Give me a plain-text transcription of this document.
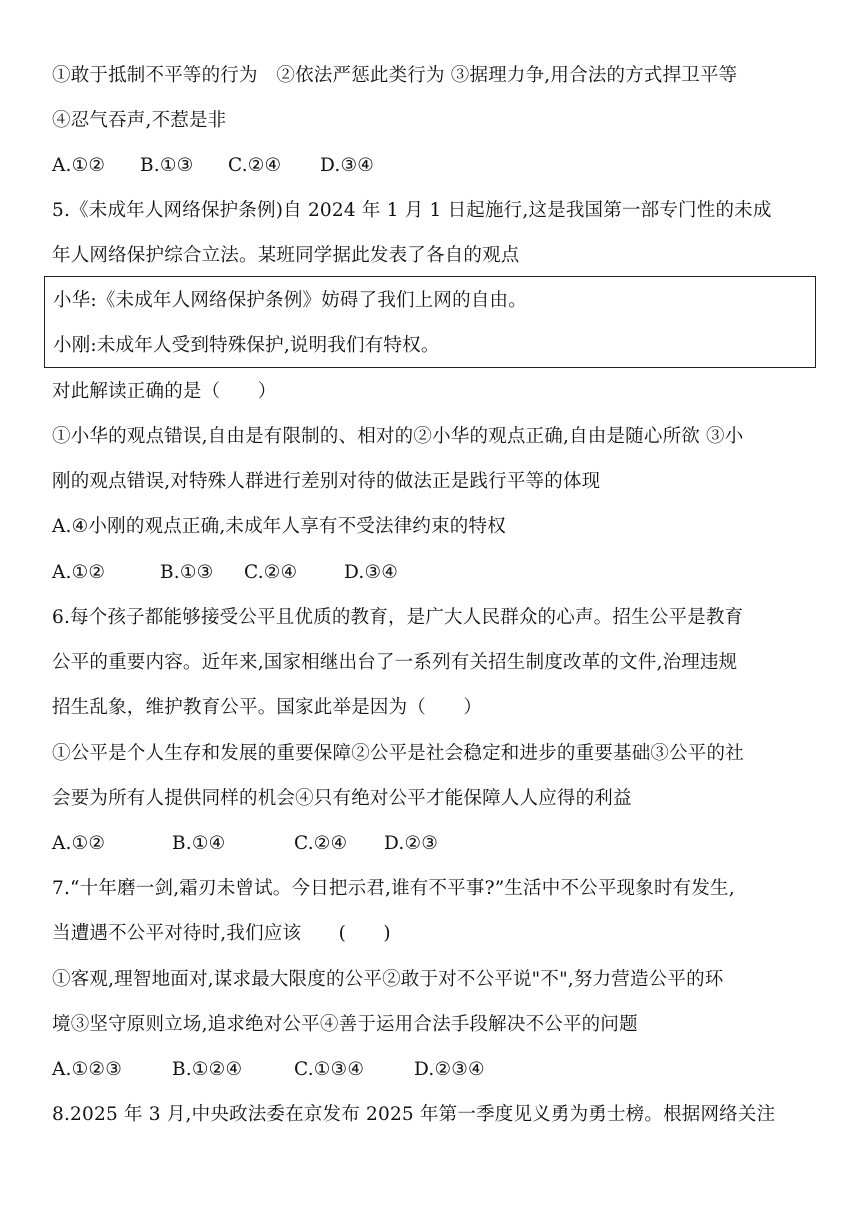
①敢于抵制不平等的行为　②依法严惩此类行为 ③据理力争,用合法的方式捍卫平等
④忍气吞声,不惹是非
A.①② B.①③ C.②④ D.③④
5.《未成年人网络保护条例)自 2024 年 1 月 1 日起施行,这是我国第一部专门性的未成
年人网络保护综合立法。某班同学据此发表了各自的观点
小华:《未成年人网络保护条例》妨碍了我们上网的自由。
小刚:未成年人受到特殊保护,说明我们有特权。
对此解读正确的是（　　）
①小华的观点错误,自由是有限制的、相对的②小华的观点正确,自由是随心所欲 ③小
刚的观点错误,对特殊人群进行差别对待的做法正是践行平等的体现
A.④小刚的观点正确,未成年人享有不受法律约束的特权
A.①②	B.①③ C.②④	D.③④
6.每个孩子都能够接受公平且优质的教育，是广大人民群众的心声。招生公平是教育
公平的重要内容。近年来,国家相继出台了一系列有关招生制度改革的文件,治理违规
招生乱象，维护教育公平。国家此举是因为（　　）
①公平是个人生存和发展的重要保障②公平是社会稳定和进步的重要基础③公平的社
会要为所有人提供同样的机会④只有绝对公平才能保障人人应得的利益
A.①②	B.①④	C.②④ D.②③
7.“十年磨一剑,霜刃未曾试。今日把示君,谁有不平事?”生活中不公平现象时有发生,
当遭遇不公平对待时,我们应该　　(　　)
①客观,理智地面对,谋求最大限度的公平②敢于对不公平说"不",努力营造公平的环
境③坚守原则立场,追求绝对公平④善于运用合法手段解决不公平的问题
A.①②③	B.①②④	C.①③④	D.②③④
8.2025 年 3 月,中央政法委在京发布 2025 年第一季度见义勇为勇士榜。根据网络关注
